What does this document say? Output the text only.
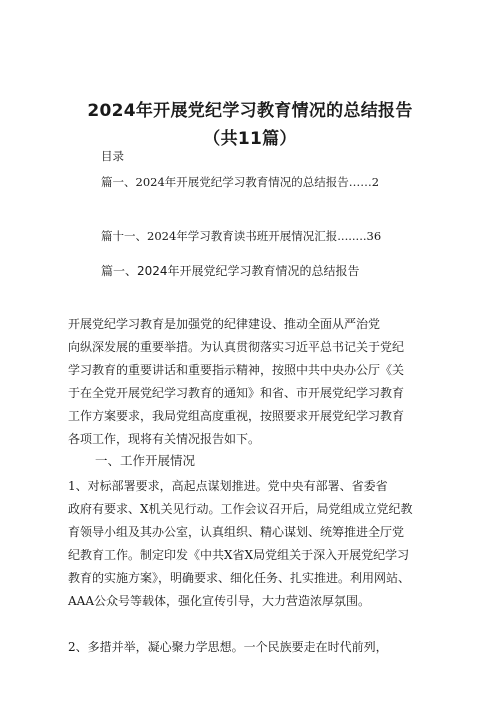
2024年开展党纪学习教育情况的总结报告
（共11篇）
目录
篇一、2024年开展党纪学习教育情况的总结报告……2
篇十一、2024年学习教育读书班开展情况汇报........36
篇一、2024年开展党纪学习教育情况的总结报告
开展党纪学习教育是加强党的纪律建设、推动全面从严治党
向纵深发展的重要举措。为认真贯彻落实习近平总书记关于党纪
学习教育的重要讲话和重要指示精神，按照中共中央办公厅《关
于在全党开展党纪学习教育的通知》和省、市开展党纪学习教育
工作方案要求，我局党组高度重视，按照要求开展党纪学习教育
各项工作，现将有关情况报告如下。
一、工作开展情况
1、对标部署要求，高起点谋划推进。党中央有部署、省委省
政府有要求、X机关见行动。工作会议召开后，局党组成立党纪教
育领导小组及其办公室，认真组织、精心谋划、统筹推进全厅党
纪教育工作。制定印发《中共X省X局党组关于深入开展党纪学习
教育的实施方案》，明确要求、细化任务、扎实推进。利用网站、
AAA公众号等载体，强化宣传引导，大力营造浓厚氛围。
2、多措并举，凝心聚力学思想。一个民族要走在时代前列，
